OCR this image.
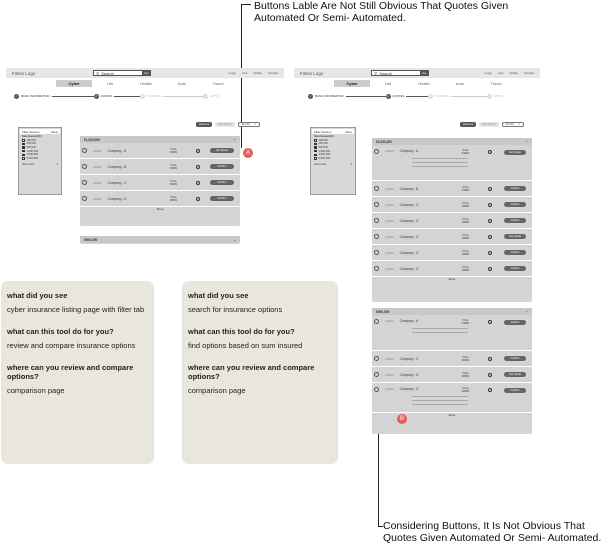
Buttons Lable Are Not Still Obvious That Quotes Given Automated Or Semi- Automated.
Considering Buttons, It Is Not Obvious That Quotes Given Automated Or Semi- Automated.
Finlex Logo	⚲ Search	Go	Login Link Artikel Kontakt
Cyber	Life	Health	Auto	Travel
✓	BASIC INFORMATION	2	QUOTES	3	COMPARE	4	APPLY
Relevant	Best Rating	Sort by ▾
Filter Section	Clear
Sum Insured (€)
100,000
250,000
500,000
1,000,000
2,500,000
5,000,000
View more	▾
€1,000,000	⌃
LOGO Company - A	Price
€1500	Get Quote
LOGO Company - B	Price
€1800	Confirm
LOGO Company - C	Price
€2000	Confirm
LOGO Company - D	Price
€2500	Confirm
More
€500,000	⌄
A
Finlex Logo	⚲ Search	Go	Login Link Artikel Kontakt
Cyber	Life	Health	Auto	Travel
✓	BASIC INFORMATION	2	QUOTES	3	COMPARE	4	APPLY
Relevant	Best Rating	Sort by ▾
Filter Section	Clear
Sum Insured (€)
100,000
250,000
500,000
1,000,000
2,500,000
5,000,000
View more	▾
€1,000,000	⌃
LOGO Company - A	Price
€1500	Get Quote
LOGO Company - B	Price
€1800	Confirm
LOGO Company - C	Price
€2000	Confirm
LOGO Company - D	Price
€2500	Confirm
LOGO Company - D	Price
€2500	Get Quote
LOGO Company - D	Price
€2500	Confirm
LOGO Company - D	Price
€2500	Confirm
More
€500,000	⌃
LOGO Company - A	Price
€1500	Confirm
LOGO Company - C	Price
€2000	Confirm
LOGO Company - D	Price
€2500	Get Quote
LOGO Company - D	Price
€2500	Confirm
More
B
what did you see
cyber insurance listing page with filter tab
what can this tool do for you?
review and compare insurance options
where can you review and compare options?
comparison page
what did you see
search for insurance options
what can this tool do for you?
find options based on sum insured
where can you review and compare options?
comparison page
